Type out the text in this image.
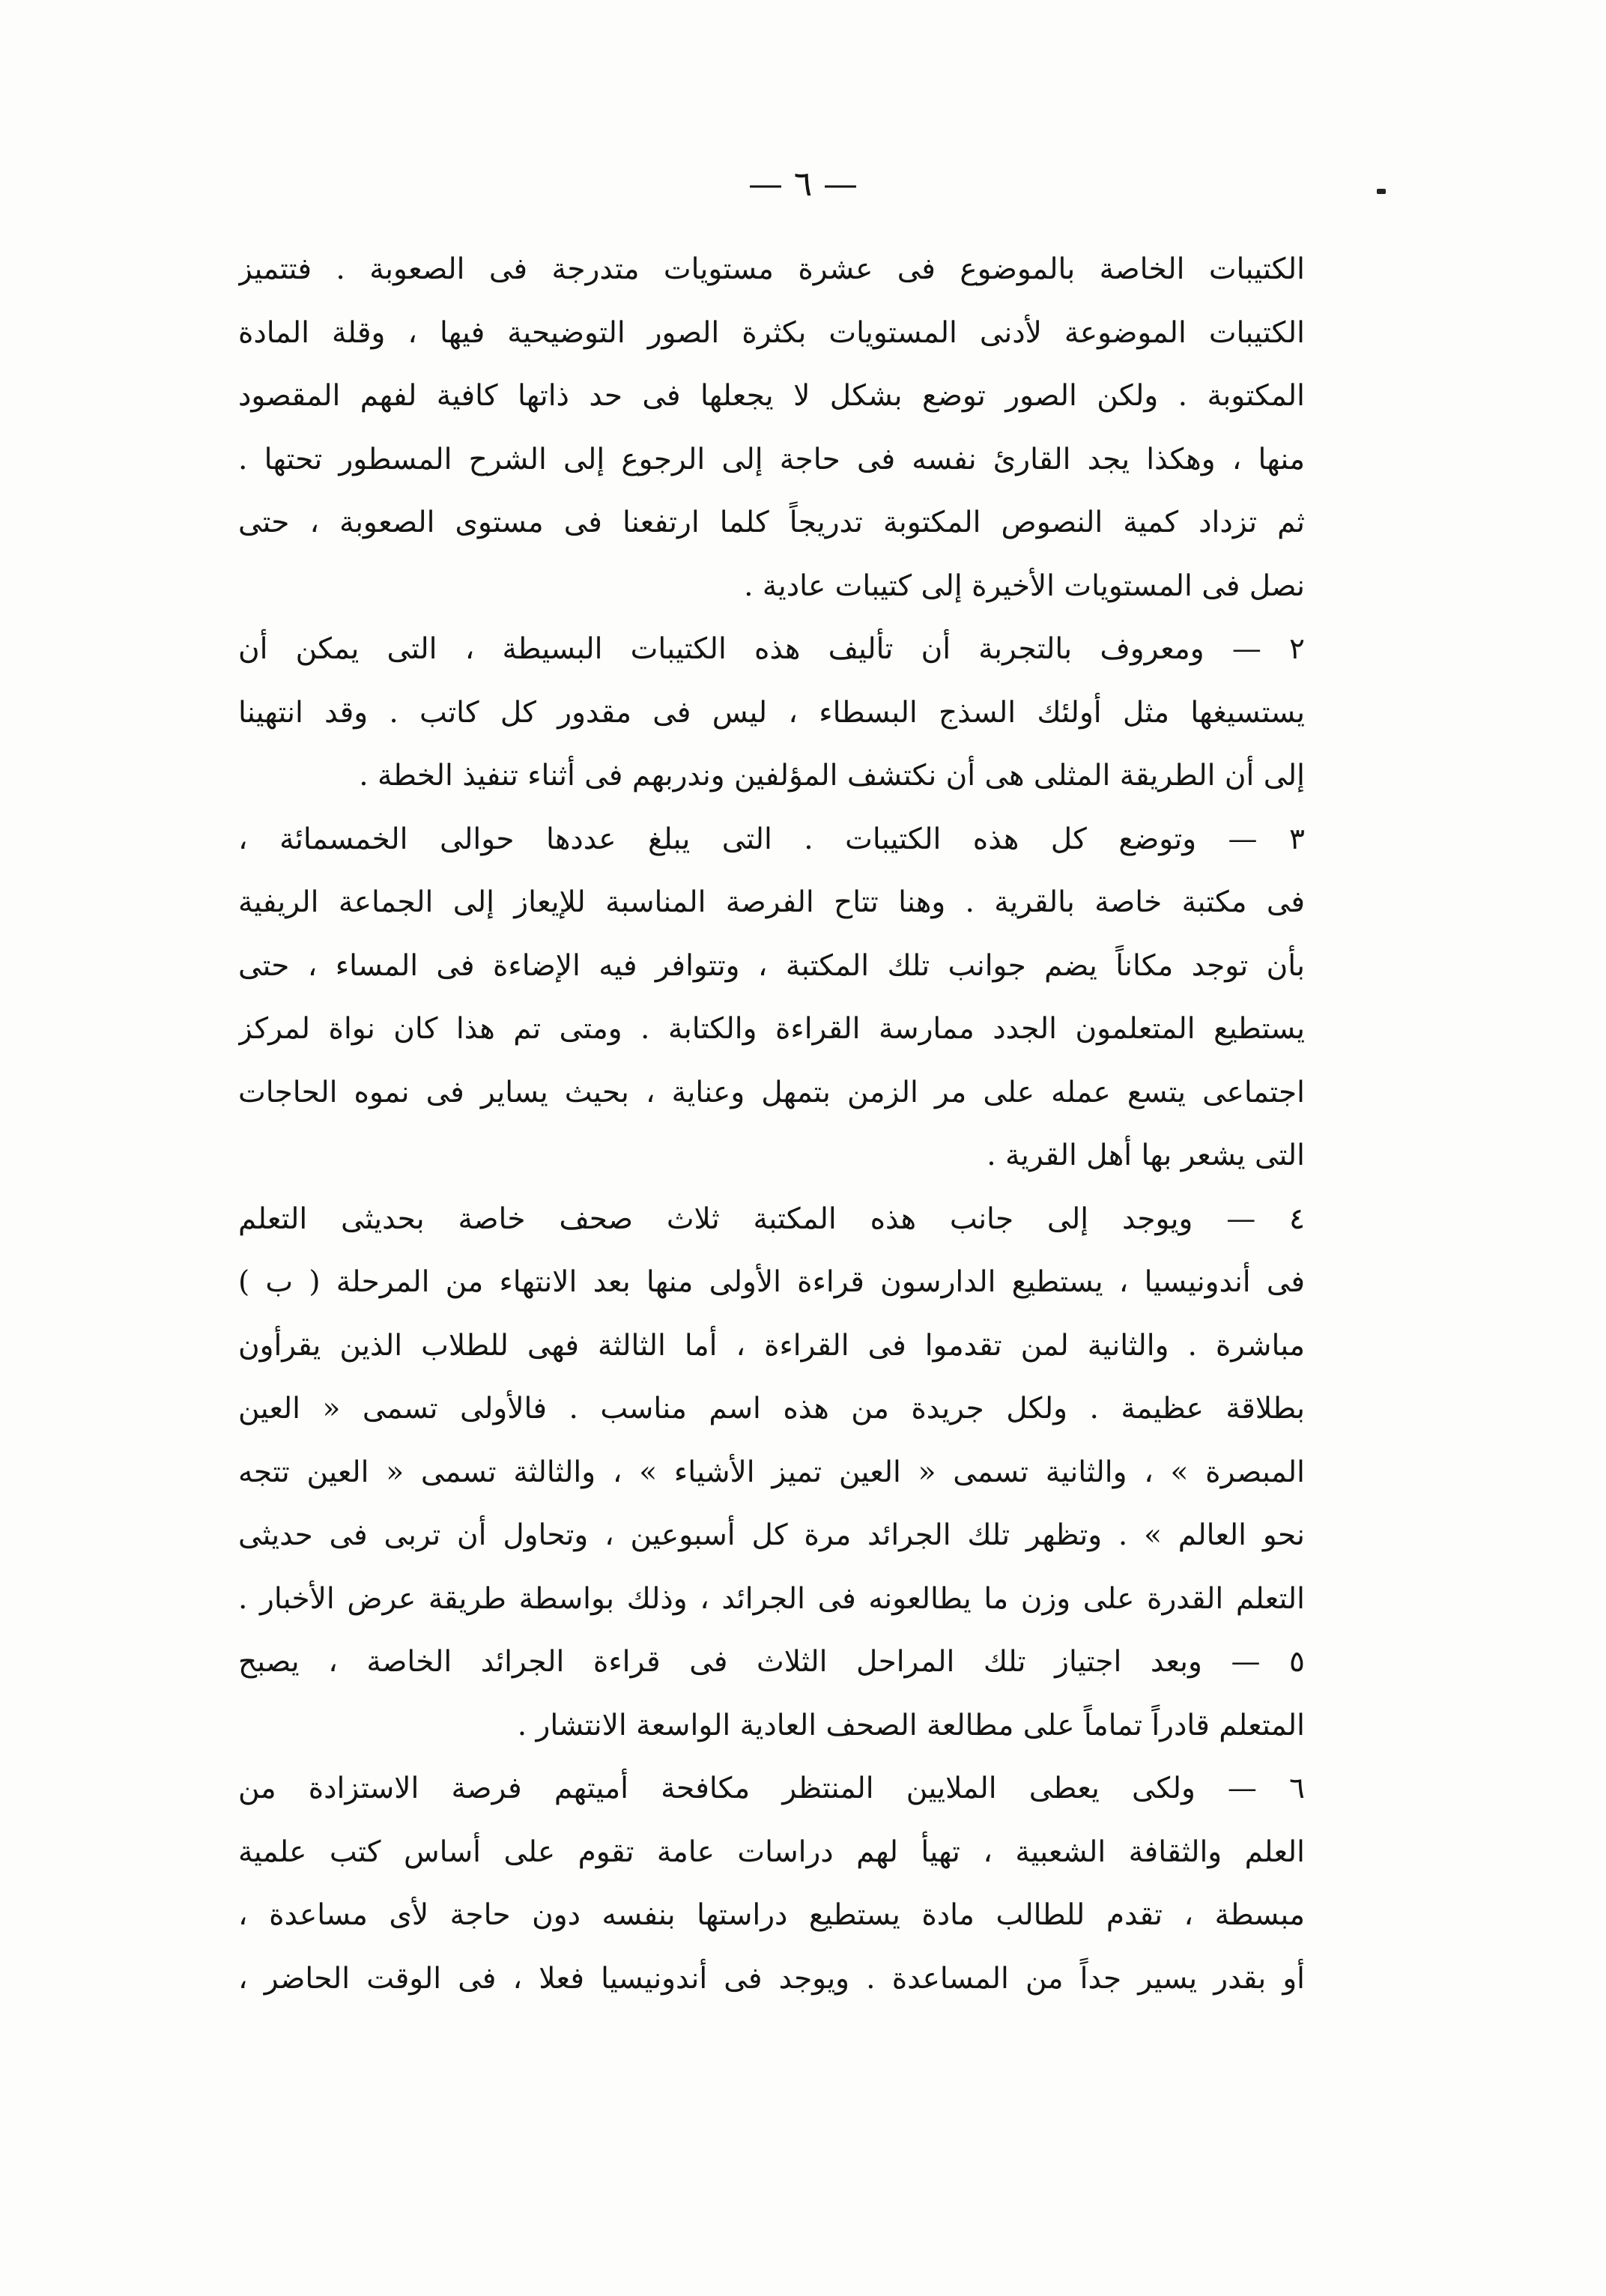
— ٦ —
الكتيبات الخاصة بالموضوع فى عشرة مستويات متدرجة فى الصعوبة . فتتميز
الكتيبات الموضوعة لأدنى المستويات بكثرة الصور التوضيحية فيها ، وقلة المادة
المكتوبة . ولكن الصور توضع بشكل لا يجعلها فى حد ذاتها كافية لفهم المقصود
منها ، وهكذا يجد القارئ نفسه فى حاجة إلى الرجوع إلى الشرح المسطور تحتها .
ثم تزداد كمية النصوص المكتوبة تدريجاً كلما ارتفعنا فى مستوى الصعوبة ، حتى
نصل فى المستويات الأخيرة إلى كتيبات عادية .
٢ — ومعروف بالتجربة أن تأليف هذه الكتيبات البسيطة ، التى يمكن أن
يستسيغها مثل أولئك السذج البسطاء ، ليس فى مقدور كل كاتب . وقد انتهينا
إلى أن الطريقة المثلى هى أن نكتشف المؤلفين وندربهم فى أثناء تنفيذ الخطة .
٣ — وتوضع كل هذه الكتيبات . التى يبلغ عددها حوالى الخمسمائة ،
فى مكتبة خاصة بالقرية . وهنا تتاح الفرصة المناسبة للإيعاز إلى الجماعة الريفية
بأن توجد مكاناً يضم جوانب تلك المكتبة ، وتتوافر فيه الإضاءة فى المساء ، حتى
يستطيع المتعلمون الجدد ممارسة القراءة والكتابة . ومتى تم هذا كان نواة لمركز
اجتماعى يتسع عمله على مر الزمن بتمهل وعناية ، بحيث يساير فى نموه الحاجات
التى يشعر بها أهل القرية .
٤ — ويوجد إلى جانب هذه المكتبة ثلاث صحف خاصة بحديثى التعلم
فى أندونيسيا ، يستطيع الدارسون قراءة الأولى منها بعد الانتهاء من المرحلة ( ب )
مباشرة . والثانية لمن تقدموا فى القراءة ، أما الثالثة فهى للطلاب الذين يقرأون
بطلاقة عظيمة . ولكل جريدة من هذه اسم مناسب . فالأولى تسمى « العين
المبصرة » ، والثانية تسمى « العين تميز الأشياء » ، والثالثة تسمى « العين تتجه
نحو العالم » . وتظهر تلك الجرائد مرة كل أسبوعين ، وتحاول أن تربى فى حديثى
التعلم القدرة على وزن ما يطالعونه فى الجرائد ، وذلك بواسطة طريقة عرض الأخبار .
٥ — وبعد اجتياز تلك المراحل الثلاث فى قراءة الجرائد الخاصة ، يصبح
المتعلم قادراً تماماً على مطالعة الصحف العادية الواسعة الانتشار .
٦ — ولكى يعطى الملايين المنتظر مكافحة أميتهم فرصة الاستزادة من
العلم والثقافة الشعبية ، تهيأ لهم دراسات عامة تقوم على أساس كتب علمية
مبسطة ، تقدم للطالب مادة يستطيع دراستها بنفسه دون حاجة لأى مساعدة ،
أو بقدر يسير جداً من المساعدة . ويوجد فى أندونيسيا فعلا ، فى الوقت الحاضر ،
